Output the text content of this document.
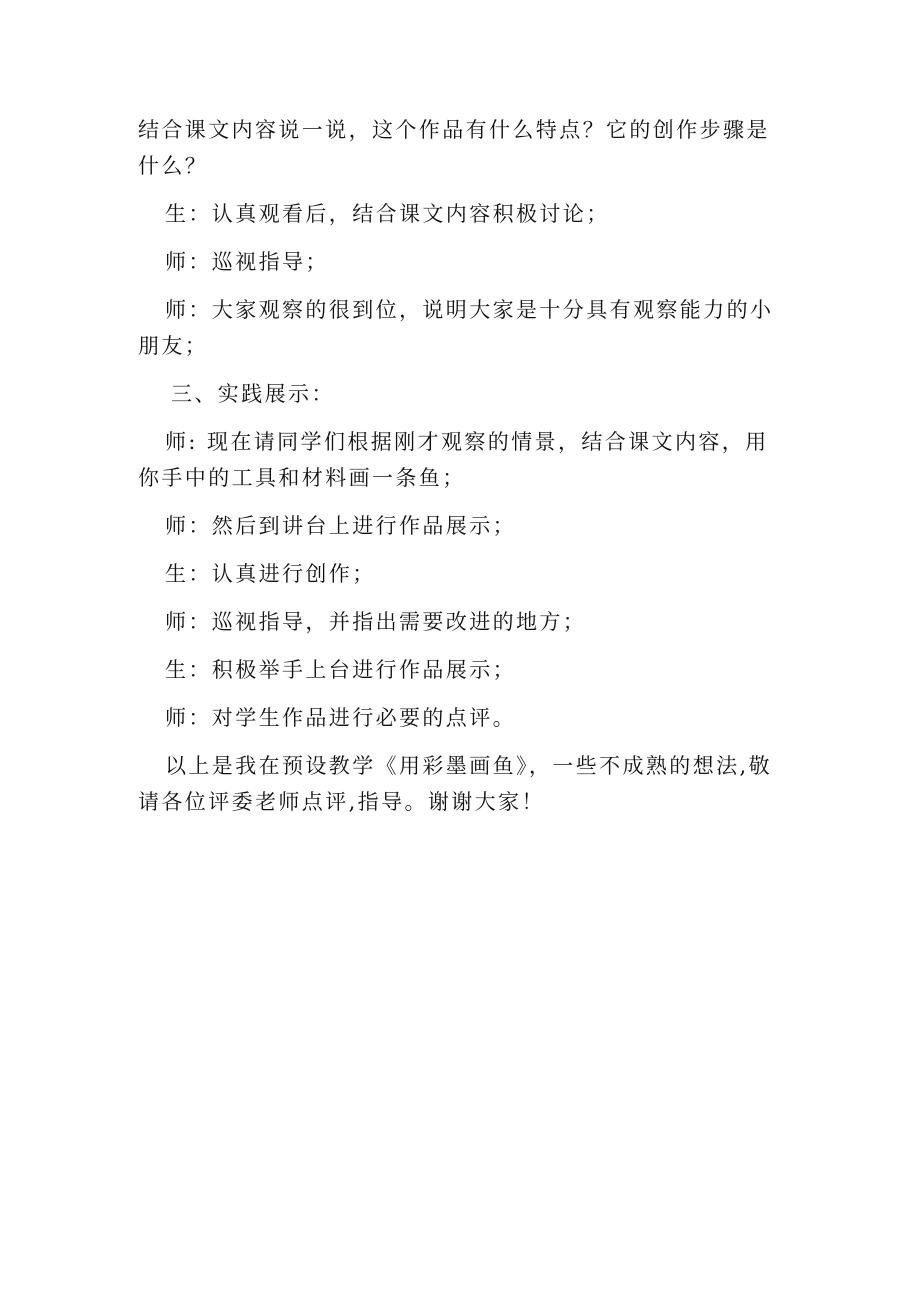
结合课文内容说一说，这个作品有什么特点？它的创作步骤是什么？

生：认真观看后，结合课文内容积极讨论；

师：巡视指导；

师：大家观察的很到位，说明大家是十分具有观察能力的小朋友；

三、实践展示：

师: 现在请同学们根据刚才观察的情景，结合课文内容，用你手中的工具和材料画一条鱼；

师：然后到讲台上进行作品展示；

生：认真进行创作；

师：巡视指导，并指出需要改进的地方；

生：积极举手上台进行作品展示；

师：对学生作品进行必要的点评。

以上是我在预设教学《用彩墨画鱼》，一些不成熟的想法,敬请各位评委老师点评,指导。谢谢大家！
